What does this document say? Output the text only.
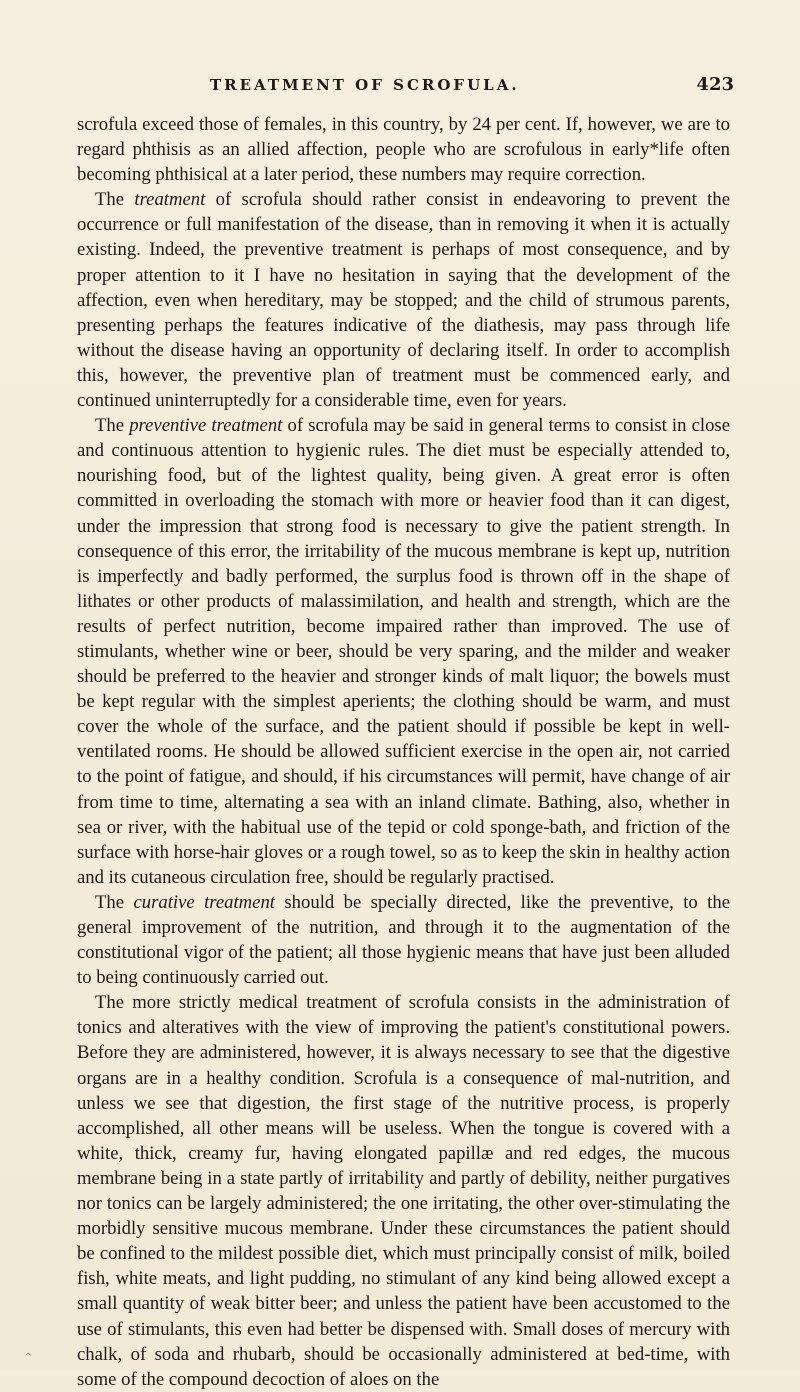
TREATMENT OF SCROFULA.	423

scrofula exceed those of females, in this country, by 24 per cent. If, however, we are to regard phthisis as an allied affection, people who are scrofulous in early*life often becoming phthisical at a later period, these numbers may require correction.

The treatment of scrofula should rather consist in endeavoring to prevent the occurrence or full manifestation of the disease, than in removing it when it is actually existing. Indeed, the preventive treatment is perhaps of most consequence, and by proper attention to it I have no hesitation in saying that the development of the affection, even when hereditary, may be stopped; and the child of strumous parents, presenting perhaps the features indicative of the diathesis, may pass through life without the disease having an opportunity of declaring itself. In order to accomplish this, however, the preventive plan of treatment must be commenced early, and continued uninterruptedly for a considerable time, even for years.

The preventive treatment of scrofula may be said in general terms to consist in close and continuous attention to hygienic rules. The diet must be especially attended to, nourishing food, but of the lightest quality, being given. A great error is often committed in overloading the stomach with more or heavier food than it can digest, under the impression that strong food is necessary to give the patient strength. In consequence of this error, the irritability of the mucous membrane is kept up, nutrition is imperfectly and badly performed, the surplus food is thrown off in the shape of lithates or other products of malassimilation, and health and strength, which are the results of perfect nutrition, become impaired rather than improved. The use of stimulants, whether wine or beer, should be very sparing, and the milder and weaker should be preferred to the heavier and stronger kinds of malt liquor; the bowels must be kept regular with the simplest aperients; the clothing should be warm, and must cover the whole of the surface, and the patient should if possible be kept in well-ventilated rooms. He should be allowed sufficient exercise in the open air, not carried to the point of fatigue, and should, if his circumstances will permit, have change of air from time to time, alternating a sea with an inland climate. Bathing, also, whether in sea or river, with the habitual use of the tepid or cold sponge-bath, and friction of the surface with horse-hair gloves or a rough towel, so as to keep the skin in healthy action and its cutaneous circulation free, should be regularly practised.

The curative treatment should be specially directed, like the preventive, to the general improvement of the nutrition, and through it to the augmentation of the constitutional vigor of the patient; all those hygienic means that have just been alluded to being continuously carried out.

The more strictly medical treatment of scrofula consists in the administration of tonics and alteratives with the view of improving the patient's constitutional powers. Before they are administered, however, it is always necessary to see that the digestive organs are in a healthy condition. Scrofula is a consequence of mal-nutrition, and unless we see that digestion, the first stage of the nutritive process, is properly accomplished, all other means will be useless. When the tongue is covered with a white, thick, creamy fur, having elongated papillæ and red edges, the mucous membrane being in a state partly of irritability and partly of debility, neither purgatives nor tonics can be largely administered; the one irritating, the other over-stimulating the morbidly sensitive mucous membrane. Under these circumstances the patient should be confined to the mildest possible diet, which must principally consist of milk, boiled fish, white meats, and light pudding, no stimulant of any kind being allowed except a small quantity of weak bitter beer; and unless the patient have been accustomed to the use of stimulants, this even had better be dispensed with. Small doses of mercury with chalk, of soda and rhubarb, should be occasionally administered at bed-time, with some of the compound decoction of aloes on the

^
